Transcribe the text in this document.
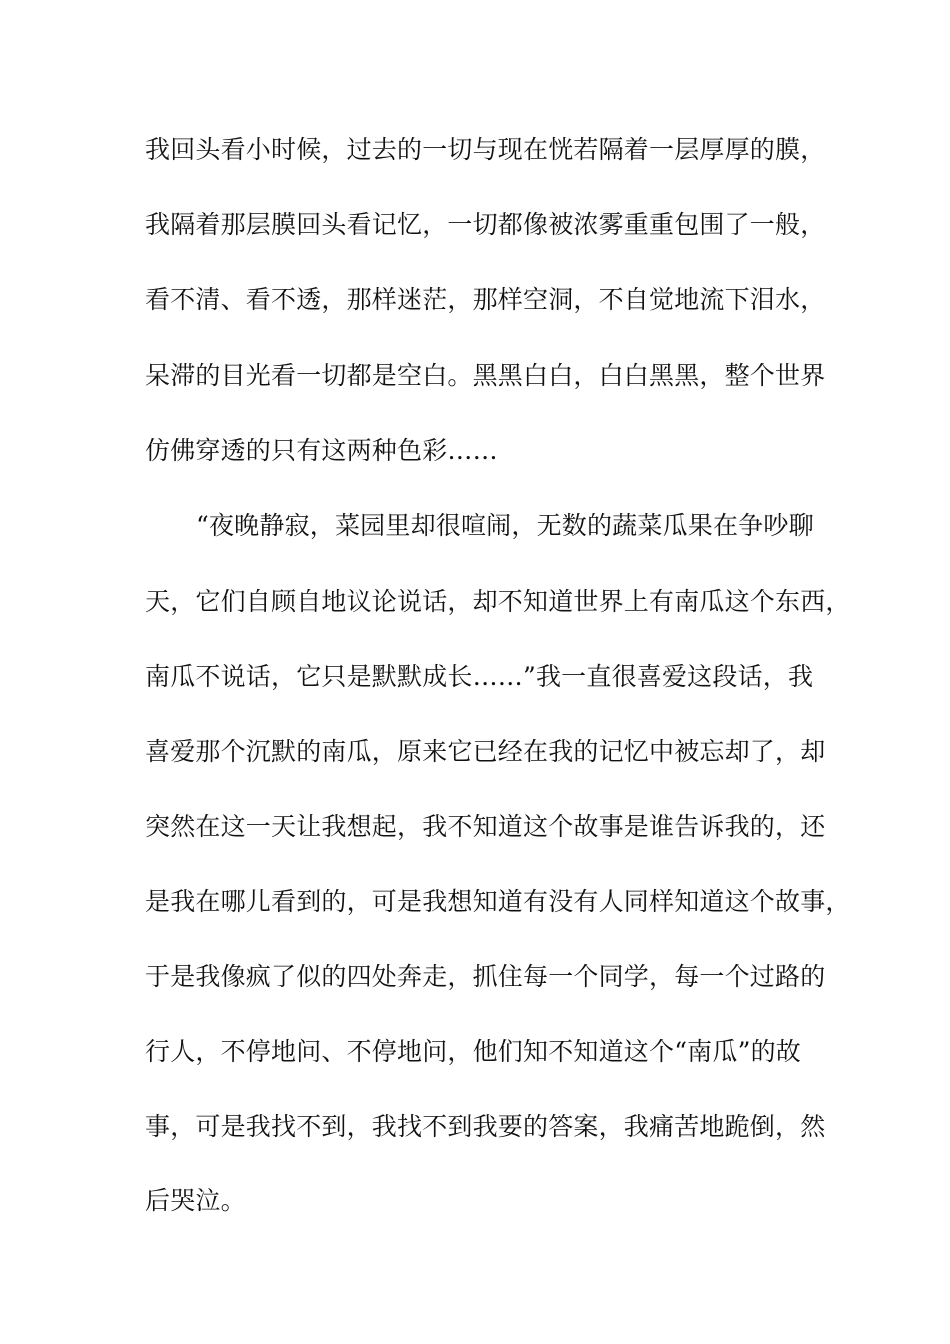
我回头看小时候，过去的一切与现在恍若隔着一层厚厚的膜，
我隔着那层膜回头看记忆，一切都像被浓雾重重包围了一般，
看不清、看不透，那样迷茫，那样空洞，不自觉地流下泪水，
呆滞的目光看一切都是空白。黑黑白白，白白黑黑，整个世界
仿佛穿透的只有这两种色彩……
“夜晚静寂，菜园里却很喧闹，无数的蔬菜瓜果在争吵聊
天，它们自顾自地议论说话，却不知道世界上有南瓜这个东西，
南瓜不说话，它只是默默成长……”我一直很喜爱这段话，我
喜爱那个沉默的南瓜，原来它已经在我的记忆中被忘却了，却
突然在这一天让我想起，我不知道这个故事是谁告诉我的，还
是我在哪儿看到的，可是我想知道有没有人同样知道这个故事，
于是我像疯了似的四处奔走，抓住每一个同学，每一个过路的
行人，不停地问、不停地问，他们知不知道这个“南瓜”的故
事，可是我找不到，我找不到我要的答案，我痛苦地跪倒，然
后哭泣。
